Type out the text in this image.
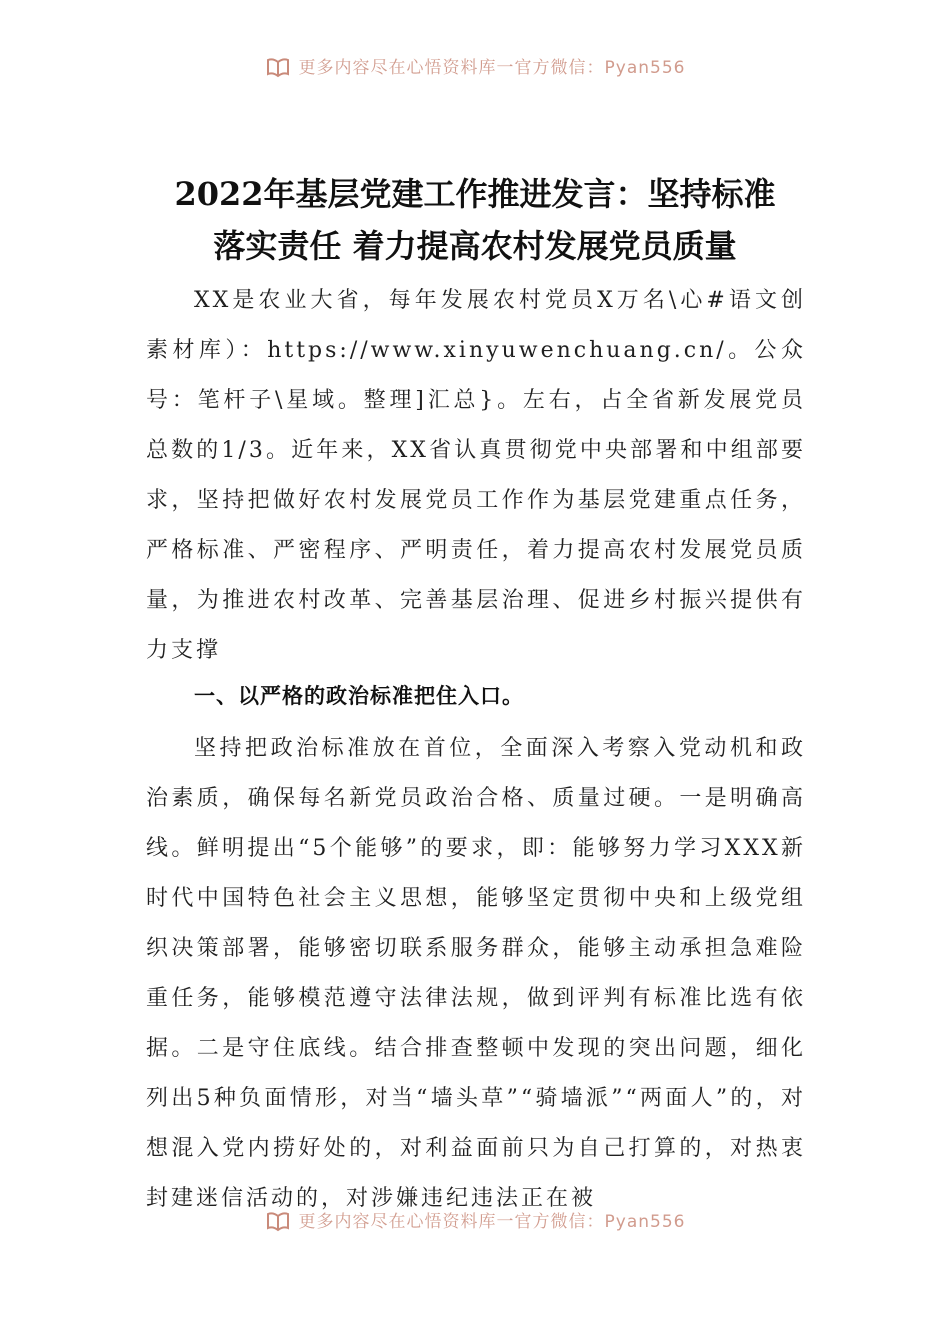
更多内容尽在心悟资料库一官方微信：Pyan556
2022年基层党建工作推进发言：坚持标准
落实责任 着力提高农村发展党员质量

XX是农业大省，每年发展农村党员X万名\心#语文创素材库）：https://www.xinyuwenchuang.cn/。公众号：笔杆子\星域。整理]汇总}。左右，占全省新发展党员总数的1/3。近年来，XX省认真贯彻党中央部署和中组部要求，坚持把做好农村发展党员工作作为基层党建重点任务，严格标准、严密程序、严明责任，着力提高农村发展党员质量，为推进农村改革、完善基层治理、促进乡村振兴提供有力支撑

一、以严格的政治标准把住入口。

坚持把政治标准放在首位，全面深入考察入党动机和政治素质，确保每名新党员政治合格、质量过硬。一是明确高线。鲜明提出“5个能够”的要求，即：能够努力学习XXX新时代中国特色社会主义思想，能够坚定贯彻中央和上级党组织决策部署，能够密切联系服务群众，能够主动承担急难险重任务，能够模范遵守法律法规，做到评判有标准比选有依据。二是守住底线。结合排查整顿中发现的突出问题，细化列出5种负面情形，对当“墙头草”“骑墙派”“两面人”的，对想混入党内捞好处的，对利益面前只为自己打算的，对热衷封建迷信活动的，对涉嫌违纪违法正在被

更多内容尽在心悟资料库一官方微信：Pyan556
